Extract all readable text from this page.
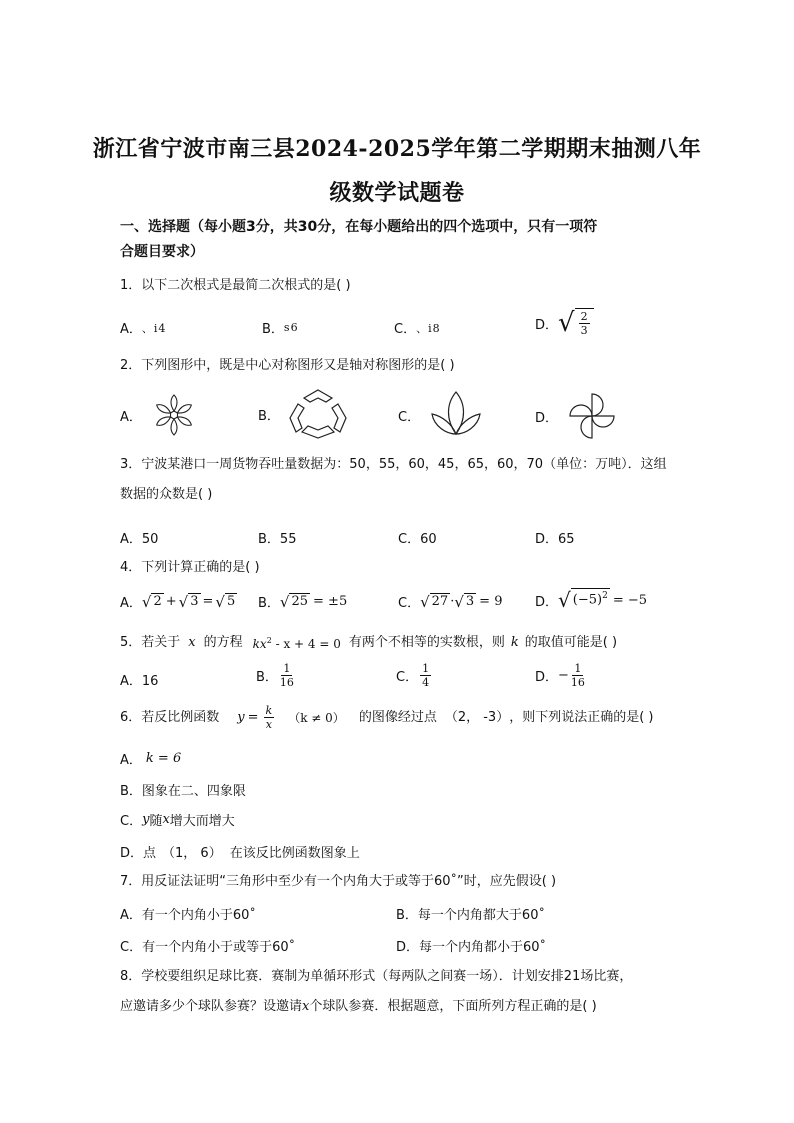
浙江省宁波市南三县2024-2025学年第二学期期末抽测八年
级数学试题卷
一、选择题（每小题3分，共30分，在每小题给出的四个选项中，只有一项符
合题目要求）
1．以下二次根式是最简二次根式的是( )
A． 、i4	B． s6	C． 、i8	D． √ $\frac{2}{3}$
2．下列图形中，既是中心对称图形又是轴对称图形的是( )
A．	B．	C．	D．
3．宁波某港口一周货物吞吐量数据为：50，55，60，45，65，60，70（单位：万吨）．这组
数据的众数是( )
A．50	B．55	C．60	D．65
4．下列计算正确的是( )
A． √ 2 + √ 3 = √ 5 B． √ 25 = ±5	C． √ 27 · √ 3 = 9	D． √ $(-5)^2 = -5$
5．若关于 x 的方程 $kx^2 - x + 4 = 0$ 有两个不相等的实数根，则 k 的取值可能是( )
A．16	B． $\frac{1}{16}$	C． $\frac{1}{4}$	D． − $\frac{1}{16}$
6．若反比例函数 $y = \frac{k}{x} (k \ne 0)$ 的图像经过点 （2， -3） ，则下列说法正确的是( )
A． k = 6
B．图象在二、四象限
C． y 随 x 增大而增大
D．点 （1， 6） 在该反比例函数图象上
7．用反证法证明“三角形中至少有一个内角大于或等于60˚”时，应先假设( )
A．有一个内角小于60˚	B．每一个内角都大于60˚
C．有一个内角小于或等于60˚	D．每一个内角都小于60˚
8．学校要组织足球比赛．赛制为单循环形式（每两队之间赛一场）．计划安排21场比赛，
应邀请多少个球队参赛？设邀请x个球队参赛．根据题意，下面所列方程正确的是( )
